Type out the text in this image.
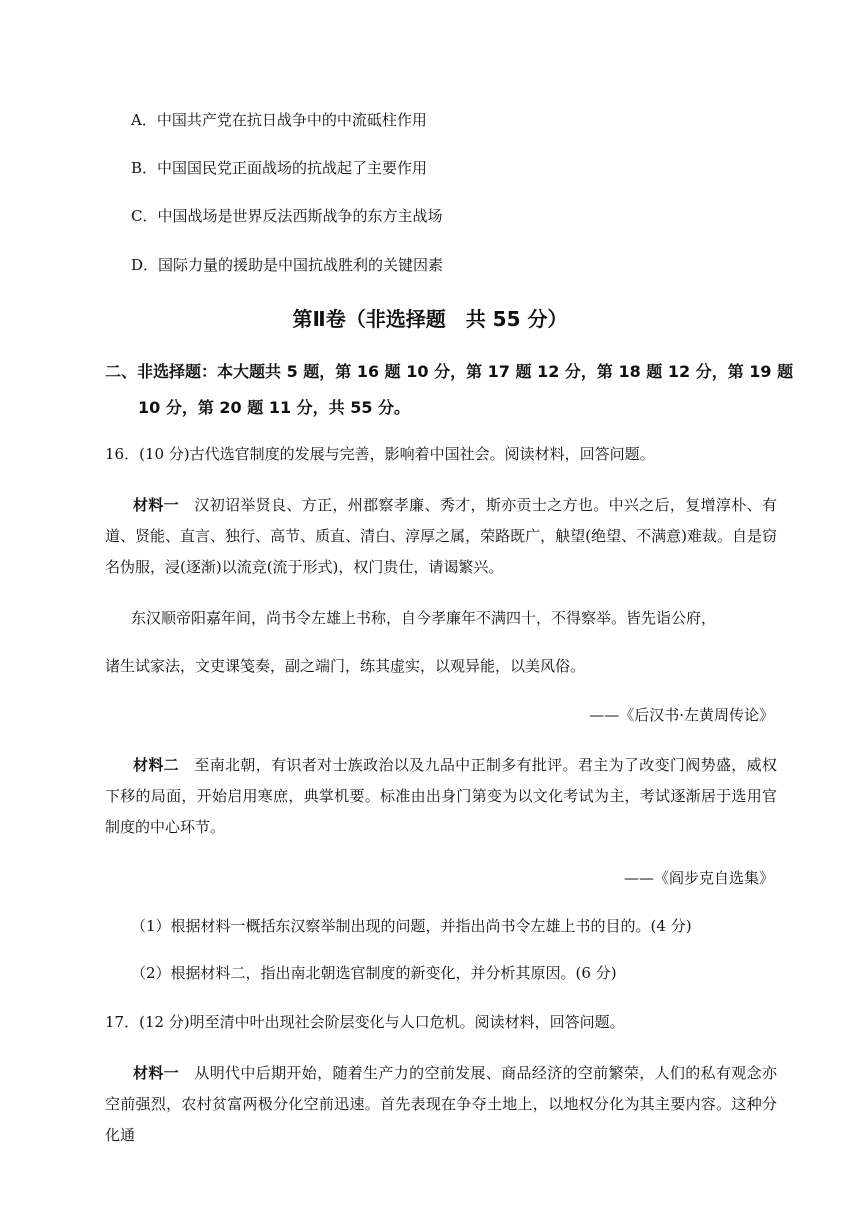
A．中国共产党在抗日战争中的中流砥柱作用
B．中国国民党正面战场的抗战起了主要作用
C．中国战场是世界反法西斯战争的东方主战场
D．国际力量的援助是中国抗战胜利的关键因素
第Ⅱ卷（非选择题　共 55 分）
二、非选择题：本大题共 5 题，第 16 题 10 分，第 17 题 12 分，第 18 题 12 分，第 19 题
10 分，第 20 题 11 分，共 55 分。
16．(10 分)古代选官制度的发展与完善，影响着中国社会。阅读材料，回答问题。
材料一　汉初诏举贤良、方正，州郡察孝廉、秀才，斯亦贡士之方也。中兴之后，复增淳朴、有道、贤能、直言、独行、高节、质直、清白、淳厚之属，荣路既广，觖望(绝望、不满意)难裁。自是窃名伪服，浸(逐渐)以流竞(流于形式)，权门贵仕，请谒繁兴。
东汉顺帝阳嘉年间，尚书令左雄上书称，自今孝廉年不满四十，不得察举。皆先诣公府，
诸生试家法，文吏课笺奏，副之端门，练其虚实，以观异能，以美风俗。
——《后汉书·左黄周传论》
材料二　至南北朝，有识者对士族政治以及九品中正制多有批评。君主为了改变门阀势盛，威权下移的局面，开始启用寒庶，典掌机要。标准由出身门第变为以文化考试为主，考试逐渐居于选用官制度的中心环节。
——《阎步克自选集》
（1）根据材料一概括东汉察举制出现的问题，并指出尚书令左雄上书的目的。(4 分)
（2）根据材料二，指出南北朝选官制度的新变化，并分析其原因。(6 分)
17．(12 分)明至清中叶出现社会阶层变化与人口危机。阅读材料，回答问题。
材料一　从明代中后期开始，随着生产力的空前发展、商品经济的空前繁荣，人们的私有观念亦空前强烈，农村贫富两极分化空前迅速。首先表现在争夺土地上，以地权分化为其主要内容。这种分化通
